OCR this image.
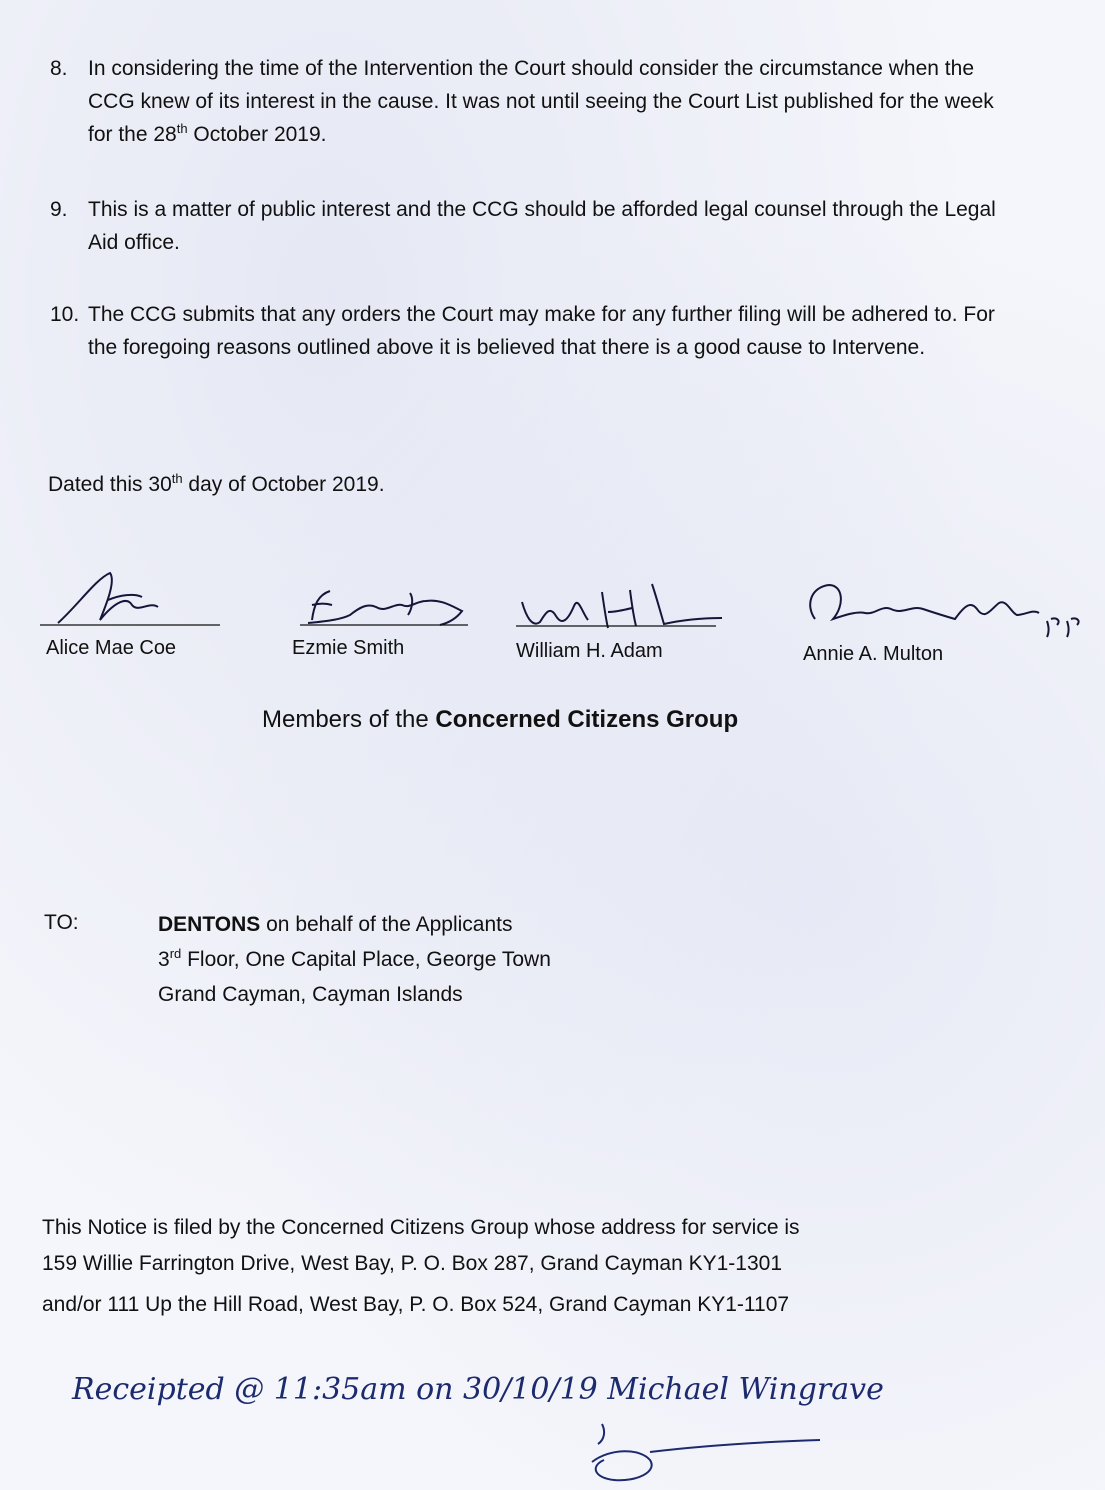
8. In considering the time of the Intervention the Court should consider the circumstance when the CCG knew of its interest in the cause. It was not until seeing the Court List published for the week for the 28th October 2019.
9. This is a matter of public interest and the CCG should be afforded legal counsel through the Legal Aid office.
10. The CCG submits that any orders the Court may make for any further filing will be adhered to. For the foregoing reasons outlined above it is believed that there is a good cause to Intervene.
Dated this 30th day of October 2019.
Alice Mae Coe	Ezmie Smith	William H. Adam	Annie A. Multon
Members of the Concerned Citizens Group
TO:	DENTONS on behalf of the Applicants
3rd Floor, One Capital Place, George Town
Grand Cayman, Cayman Islands
This Notice is filed by the Concerned Citizens Group whose address for service is
159 Willie Farrington Drive, West Bay, P. O. Box 287, Grand Cayman KY1-1301
and/or 111 Up the Hill Road, West Bay, P. O. Box 524, Grand Cayman KY1-1107
Receipted @ 11:35am on 30/10/19 Michael Wingrave
